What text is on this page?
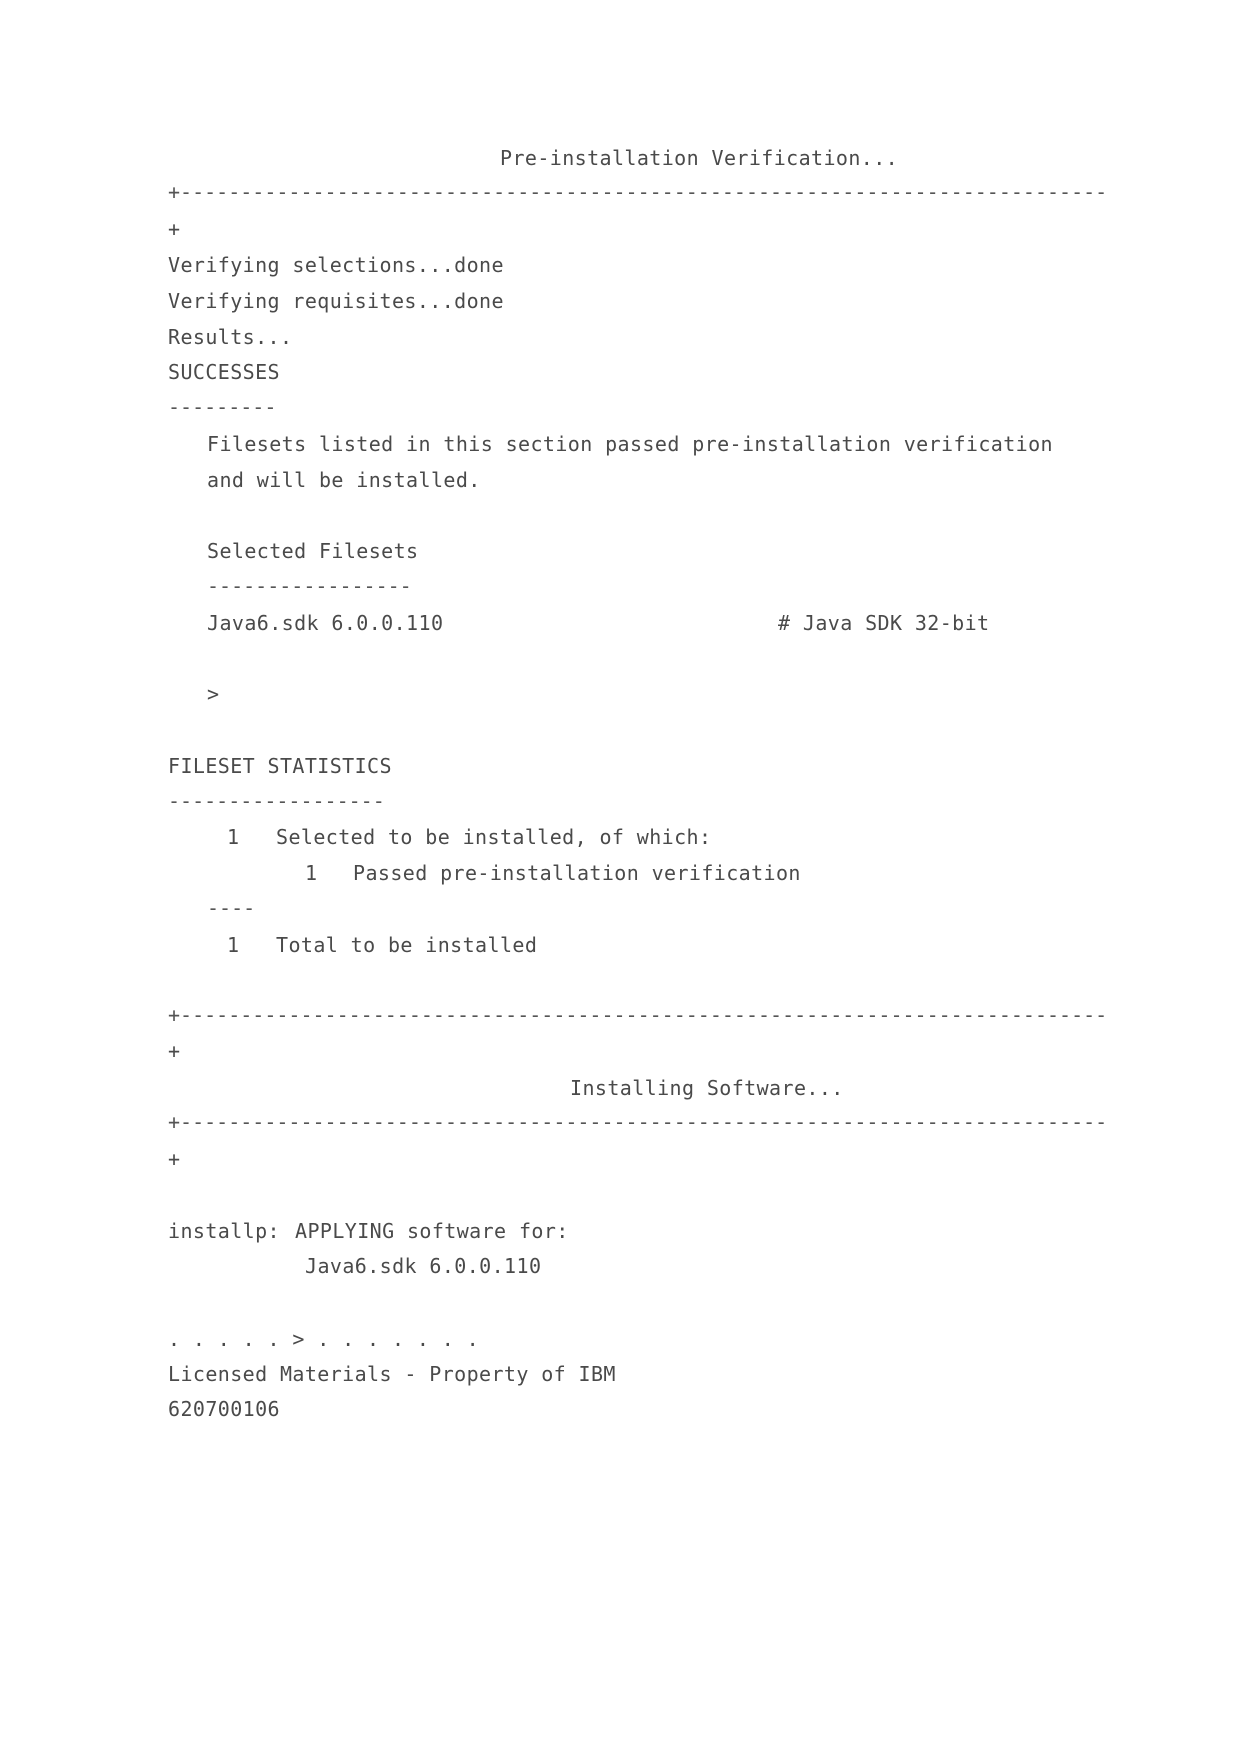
Pre-installation Verification...
+-----------------------------------------------------------------------------
+
Verifying selections...done
Verifying requisites...done
Results...
SUCCESSES
---------
Filesets listed in this section passed pre-installation verification
and will be installed.
Selected Filesets
-----------------
Java6.sdk 6.0.0.110	# Java SDK 32-bit
>
FILESET STATISTICS
------------------
1 Selected to be installed, of which:
1 Passed pre-installation verification
----
1 Total to be installed
+-----------------------------------------------------------------------------
+
Installing Software...
+-----------------------------------------------------------------------------
+
installp: APPLYING software for:
Java6.sdk 6.0.0.110
. . . . . > . . . . . . .
Licensed Materials - Property of IBM
620700106
